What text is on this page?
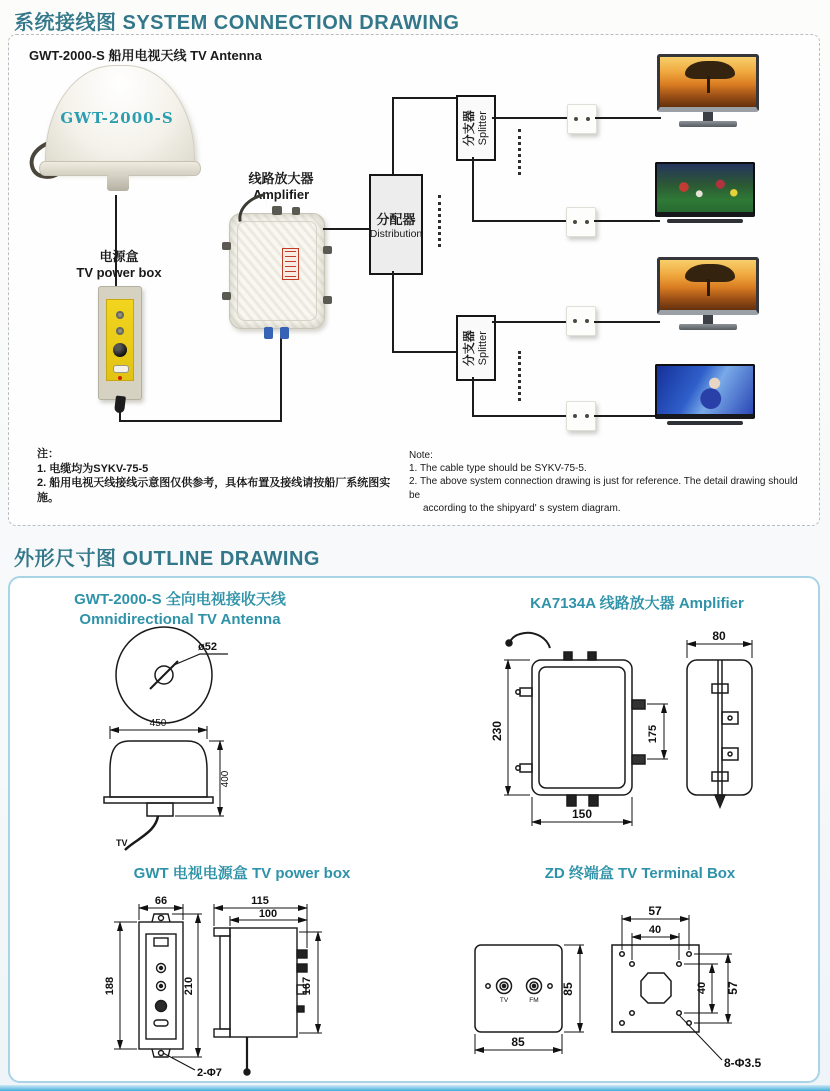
系统接线图 SYSTEM CONNECTION DRAWING
GWT-2000-S 船用电视天线 TV Antenna
GWT-2000-S
电源盒
TV power box
线路放大器
Amplifier
分配器
Distribution
分支器 Splitter
分支器 Splitter
注：
1. 电缆均为SYKV-75-5
2. 船用电视天线接线示意图仅供参考，具体布置及接线请按船厂系统图实施。
Note:
1. The cable type should be SYKV-75-5.
2. The above system connection drawing is just for reference. The detail drawing should be
according to the shipyard' s system diagram.
外形尺寸图 OUTLINE DRAWING
GWT-2000-S 全向电视接收天线
Omnidirectional TV Antenna
ø52
450
400
TV
KA7134A 线路放大器 Amplifier
230	175
150
80
GWT 电视电源盒 TV power box
66
188	210
2-Φ7
115
100
167
ZD 终端盒 TV Terminal Box
TV	FM
85
85
57
40
40 57
8-Φ3.5
